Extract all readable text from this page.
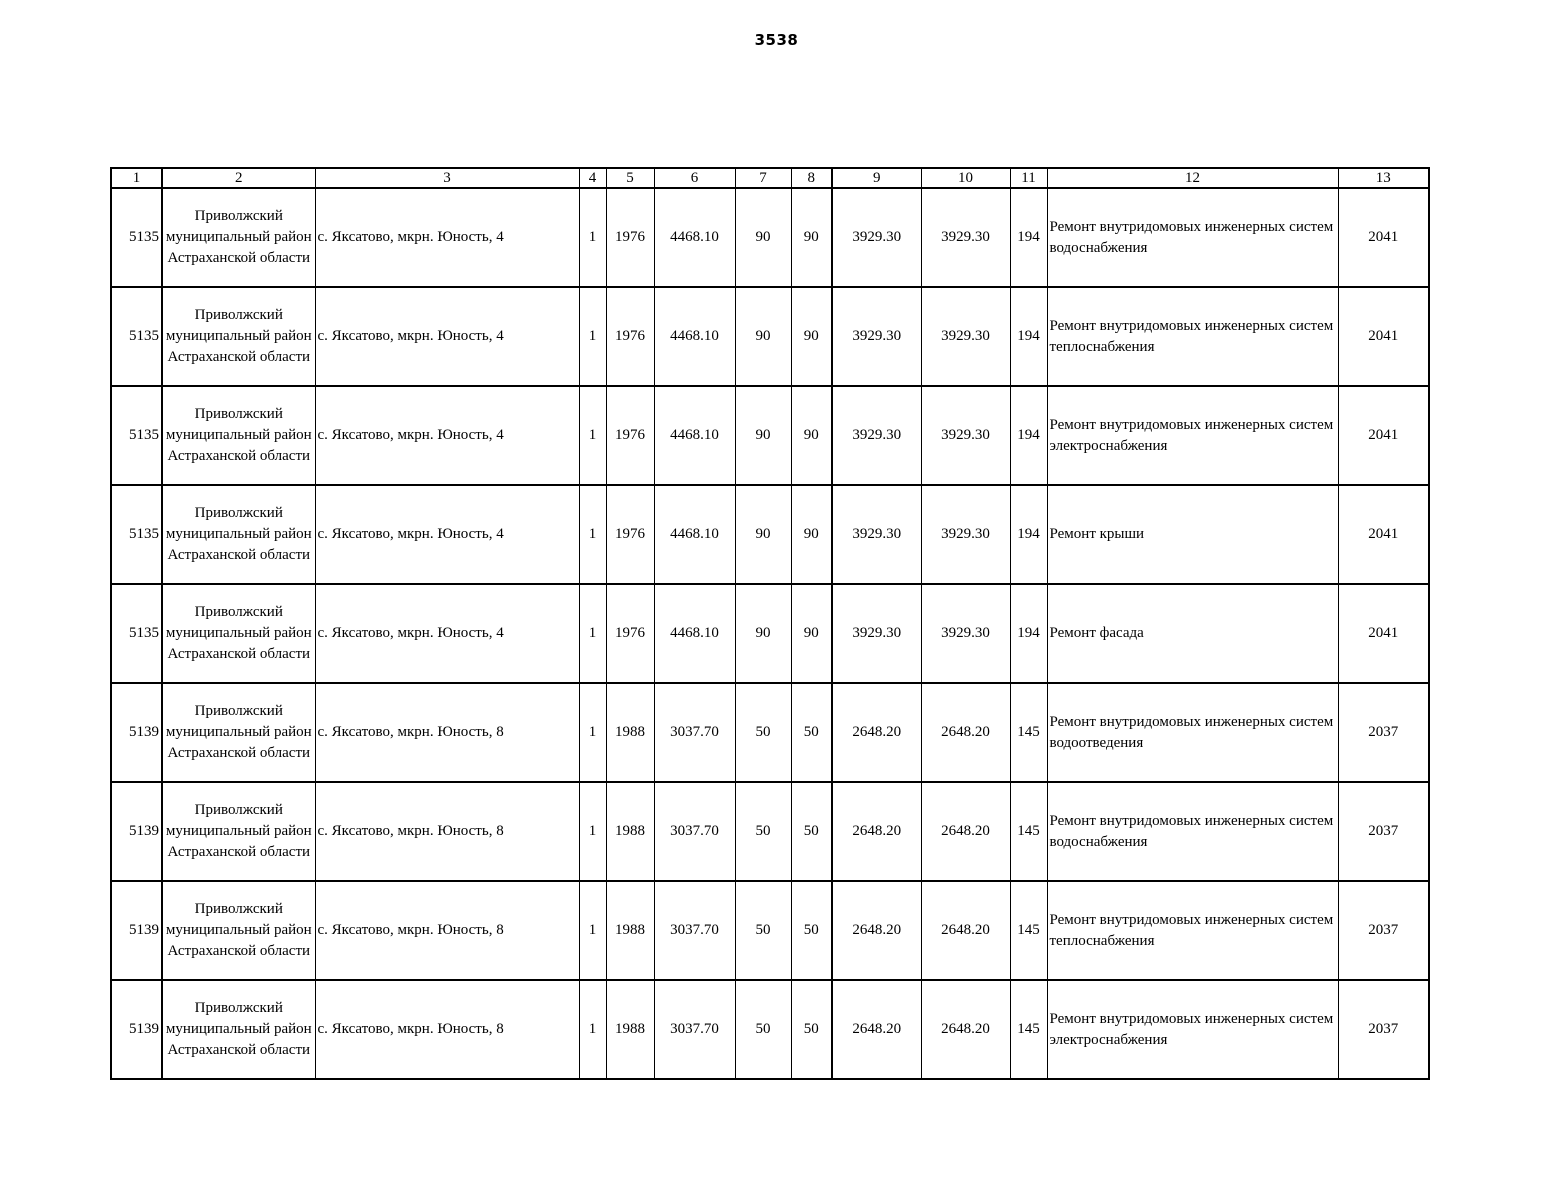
3538
1	2	3	4	5	6	7	8	9	10	11	12	13
5135	Приволжский муниципальный район Астраханской области	с. Яксатово, мкрн. Юность, 4	1	1976	4468.10	90	90	3929.30	3929.30	194	Ремонт внутридомовых инженерных систем водоснабжения	2041
5135	Приволжский муниципальный район Астраханской области	с. Яксатово, мкрн. Юность, 4	1	1976	4468.10	90	90	3929.30	3929.30	194	Ремонт внутридомовых инженерных систем теплоснабжения	2041
5135	Приволжский муниципальный район Астраханской области	с. Яксатово, мкрн. Юность, 4	1	1976	4468.10	90	90	3929.30	3929.30	194	Ремонт внутридомовых инженерных систем электроснабжения	2041
5135	Приволжский муниципальный район Астраханской области	с. Яксатово, мкрн. Юность, 4	1	1976	4468.10	90	90	3929.30	3929.30	194	Ремонт крыши	2041
5135	Приволжский муниципальный район Астраханской области	с. Яксатово, мкрн. Юность, 4	1	1976	4468.10	90	90	3929.30	3929.30	194	Ремонт фасада	2041
5139	Приволжский муниципальный район Астраханской области	с. Яксатово, мкрн. Юность, 8	1	1988	3037.70	50	50	2648.20	2648.20	145	Ремонт внутридомовых инженерных систем водоотведения	2037
5139	Приволжский муниципальный район Астраханской области	с. Яксатово, мкрн. Юность, 8	1	1988	3037.70	50	50	2648.20	2648.20	145	Ремонт внутридомовых инженерных систем водоснабжения	2037
5139	Приволжский муниципальный район Астраханской области	с. Яксатово, мкрн. Юность, 8	1	1988	3037.70	50	50	2648.20	2648.20	145	Ремонт внутридомовых инженерных систем теплоснабжения	2037
5139	Приволжский муниципальный район Астраханской области	с. Яксатово, мкрн. Юность, 8	1	1988	3037.70	50	50	2648.20	2648.20	145	Ремонт внутридомовых инженерных систем электроснабжения	2037
